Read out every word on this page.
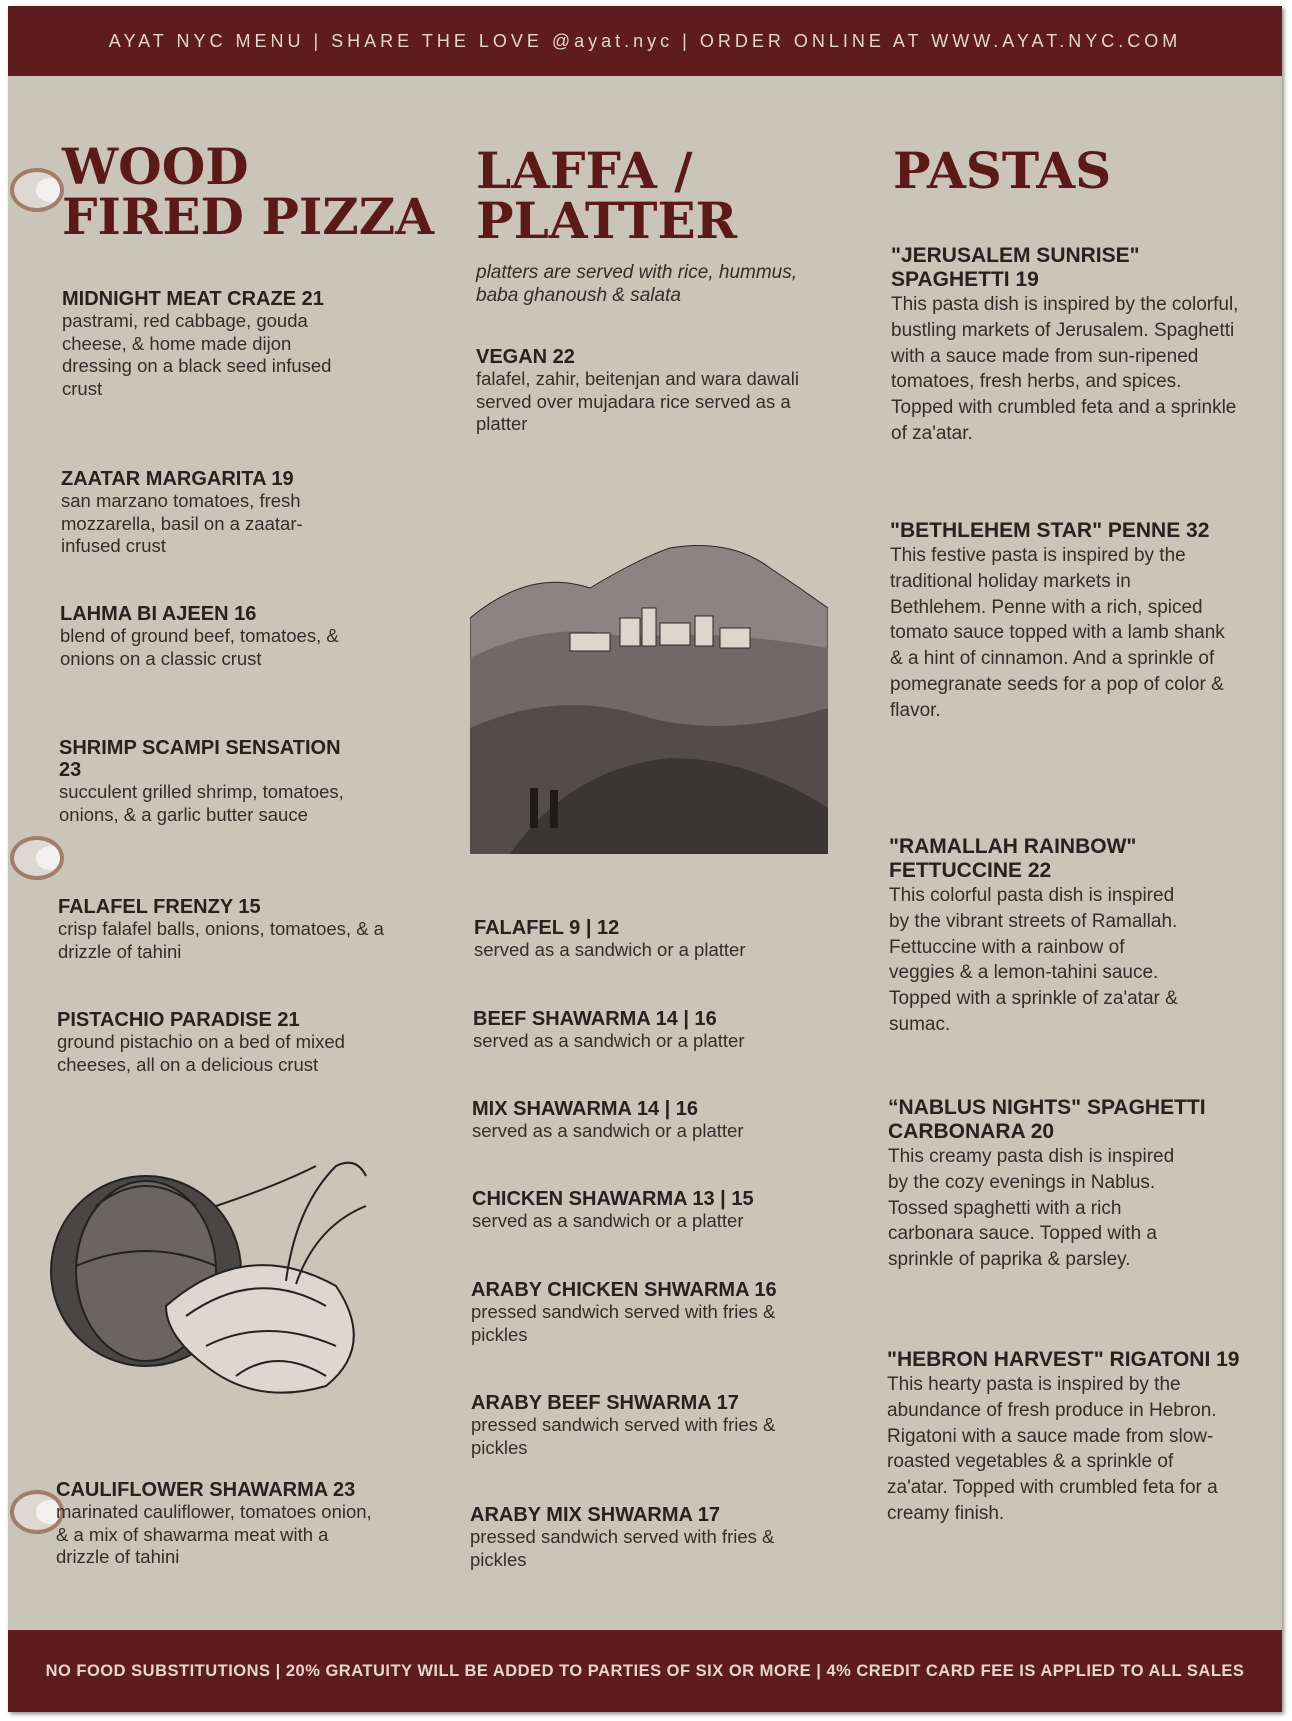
AYAT NYC MENU | SHARE THE LOVE @ayat.nyc | ORDER ONLINE AT WWW.AYAT.NYC.COM
WOOD
FIRED PIZZA
MIDNIGHT MEAT CRAZE 21
pastrami, red cabbage, gouda cheese, & home made dijon dressing on a black seed infused crust
ZAATAR MARGARITA 19
san marzano tomatoes, fresh mozzarella, basil on a zaatar-infused crust
LAHMA BI AJEEN 16
blend of ground beef, tomatoes, & onions on a classic crust
SHRIMP SCAMPI SENSATION 23
succulent grilled shrimp, tomatoes, onions, & a garlic butter sauce
FALAFEL FRENZY 15
crisp falafel balls, onions, tomatoes, & a drizzle of tahini
PISTACHIO PARADISE 21
ground pistachio on a bed of mixed cheeses, all on a delicious crust
CAULIFLOWER SHAWARMA 23
marinated cauliflower, tomatoes onion, & a mix of shawarma meat with a drizzle of tahini
LAFFA /
PLATTER
platters are served with rice, hummus, baba ghanoush & salata
VEGAN 22
falafel, zahir, beitenjan and wara dawali served over mujadara rice served as a platter
FALAFEL 9 | 12
served as a sandwich or a platter
BEEF SHAWARMA 14 | 16
served as a sandwich or a platter
MIX SHAWARMA 14 | 16
served as a sandwich or a platter
CHICKEN SHAWARMA 13 | 15
served as a sandwich or a platter
ARABY CHICKEN SHWARMA 16
pressed sandwich served with fries & pickles
ARABY BEEF SHWARMA 17
pressed sandwich served with fries & pickles
ARABY MIX SHWARMA 17
pressed sandwich served with fries & pickles
PASTAS
"JERUSALEM SUNRISE" SPAGHETTI 19
This pasta dish is inspired by the colorful, bustling markets of Jerusalem. Spaghetti with a sauce made from sun-ripened tomatoes, fresh herbs, and spices. Topped with crumbled feta and a sprinkle of za'atar.
"BETHLEHEM STAR" PENNE 32
This festive pasta is inspired by the traditional holiday markets in Bethlehem. Penne with a rich, spiced tomato sauce topped with a lamb shank & a hint of cinnamon. And a sprinkle of pomegranate seeds for a pop of color & flavor.
"RAMALLAH RAINBOW" FETTUCCINE 22
This colorful pasta dish is inspired by the vibrant streets of Ramallah. Fettuccine with a rainbow of veggies & a lemon-tahini sauce. Topped with a sprinkle of za'atar & sumac.
“NABLUS NIGHTS" SPAGHETTI CARBONARA 20
This creamy pasta dish is inspired by the cozy evenings in Nablus. Tossed spaghetti with a rich carbonara sauce. Topped with a sprinkle of paprika & parsley.
"HEBRON HARVEST" RIGATONI 19
This hearty pasta is inspired by the abundance of fresh produce in Hebron. Rigatoni with a sauce made from slow-roasted vegetables & a sprinkle of za'atar. Topped with crumbled feta for a creamy finish.
NO FOOD SUBSTITUTIONS | 20% GRATUITY WILL BE ADDED TO PARTIES OF SIX OR MORE | 4% CREDIT CARD FEE IS APPLIED TO ALL SALES
